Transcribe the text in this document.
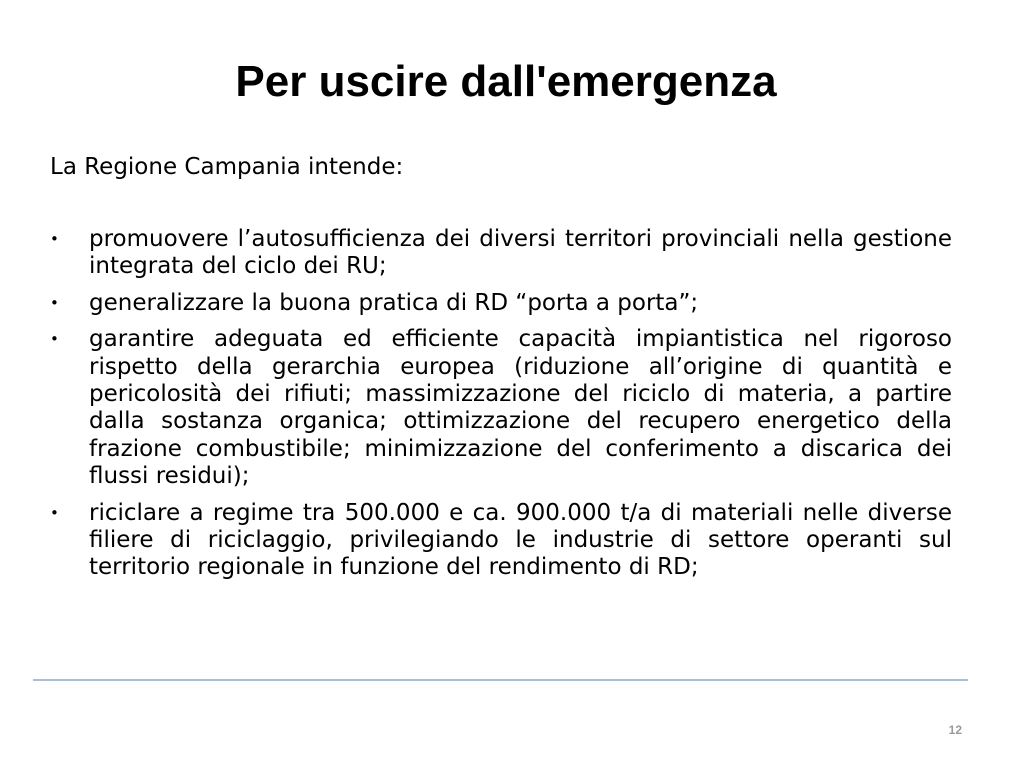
Per uscire dall'emergenza

La Regione Campania intende:

• promuovere l’autosufficienza dei diversi territori provinciali nella gestione integrata del ciclo dei RU;
• generalizzare la buona pratica di RD “porta a porta”;
• garantire adeguata ed efficiente capacità impiantistica nel rigoroso rispetto della gerarchia europea (riduzione all’origine di quantità e pericolosità dei rifiuti; massimizzazione del riciclo di materia, a partire dalla sostanza organica; ottimizzazione del recupero energetico della frazione combustibile; minimizzazione del conferimento a discarica dei flussi residui);
• riciclare a regime tra 500.000 e ca. 900.000 t/a di materiali nelle diverse filiere di riciclaggio, privilegiando le industrie di settore operanti sul territorio regionale in funzione del rendimento di RD;
12
